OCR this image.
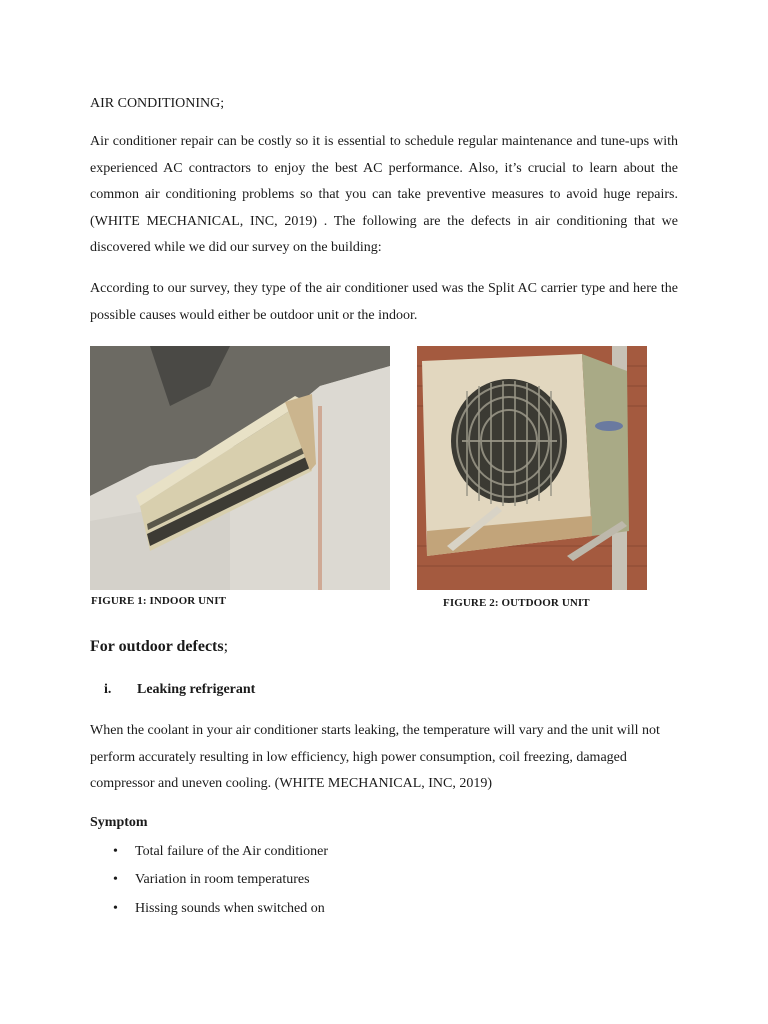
AIR CONDITIONING;
Air conditioner repair can be costly so it is essential to schedule regular maintenance and tune-ups with experienced AC contractors to enjoy the best AC performance. Also, it’s crucial to learn about the common air conditioning problems so that you can take preventive measures to avoid huge repairs. (WHITE MECHANICAL, INC, 2019) . The following are the defects in air conditioning that we discovered while we did our survey on the building:
According to our survey, they type of the air conditioner used was the Split AC carrier type and here the possible causes would either be outdoor unit or the indoor.
FIGURE 1: INDOOR UNIT	FIGURE 2: OUTDOOR UNIT
For outdoor defects;
i. Leaking refrigerant
When the coolant in your air conditioner starts leaking, the temperature will vary and the unit will not perform accurately resulting in low efficiency, high power consumption, coil freezing, damaged compressor and uneven cooling. (WHITE MECHANICAL, INC, 2019)
Symptom
• Total failure of the Air conditioner
• Variation in room temperatures
• Hissing sounds when switched on
